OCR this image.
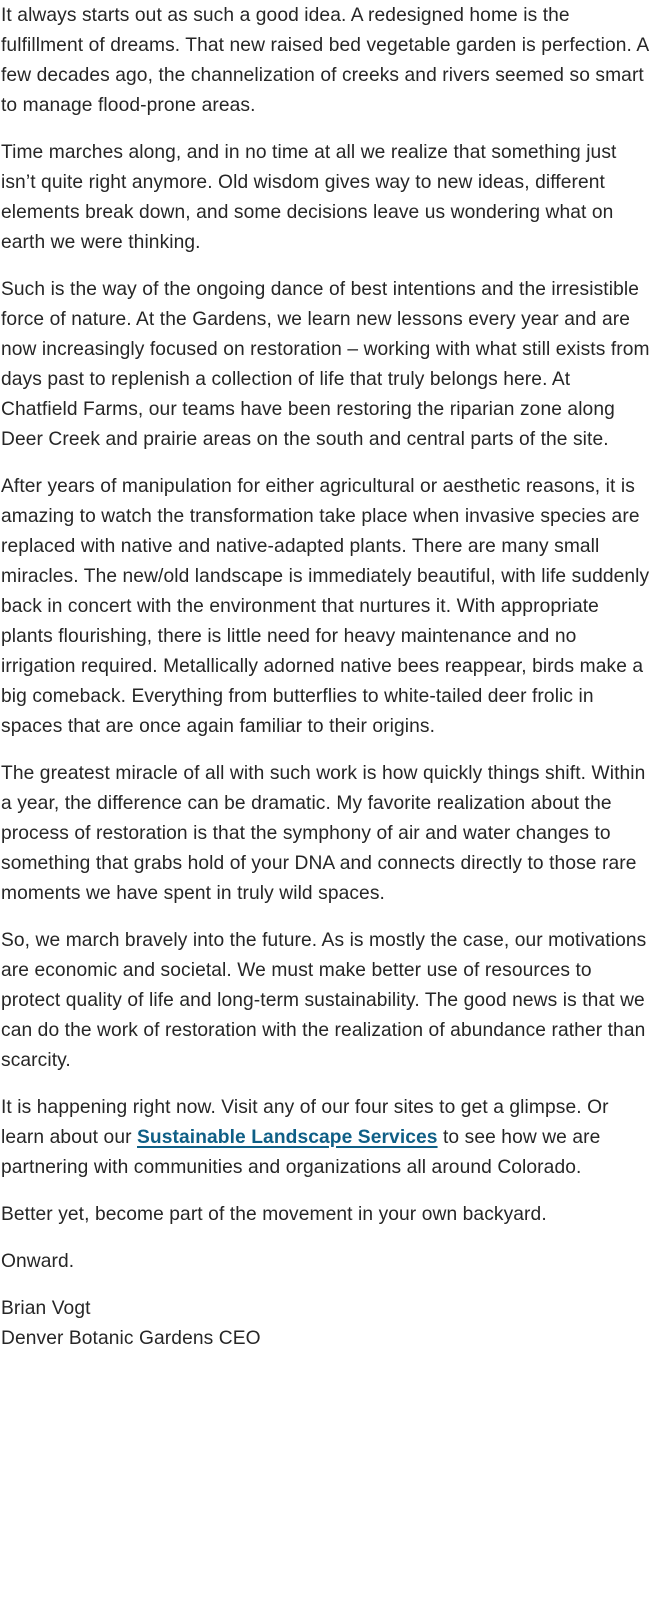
It always starts out as such a good idea. A redesigned home is the fulfillment of dreams. That new raised bed vegetable garden is perfection. A few decades ago, the channelization of creeks and rivers seemed so smart to manage flood-prone areas.

Time marches along, and in no time at all we realize that something just isn’t quite right anymore. Old wisdom gives way to new ideas, different elements break down, and some decisions leave us wondering what on earth we were thinking.

Such is the way of the ongoing dance of best intentions and the irresistible force of nature. At the Gardens, we learn new lessons every year and are now increasingly focused on restoration – working with what still exists from days past to replenish a collection of life that truly belongs here. At Chatfield Farms, our teams have been restoring the riparian zone along Deer Creek and prairie areas on the south and central parts of the site.

After years of manipulation for either agricultural or aesthetic reasons, it is amazing to watch the transformation take place when invasive species are replaced with native and native-adapted plants. There are many small miracles. The new/old landscape is immediately beautiful, with life suddenly back in concert with the environment that nurtures it. With appropriate plants flourishing, there is little need for heavy maintenance and no irrigation required. Metallically adorned native bees reappear, birds make a big comeback. Everything from butterflies to white-tailed deer frolic in spaces that are once again familiar to their origins.

The greatest miracle of all with such work is how quickly things shift. Within a year, the difference can be dramatic. My favorite realization about the process of restoration is that the symphony of air and water changes to something that grabs hold of your DNA and connects directly to those rare moments we have spent in truly wild spaces.

So, we march bravely into the future. As is mostly the case, our motivations are economic and societal. We must make better use of resources to protect quality of life and long-term sustainability. The good news is that we can do the work of restoration with the realization of abundance rather than scarcity.

It is happening right now. Visit any of our four sites to get a glimpse. Or learn about our Sustainable Landscape Services to see how we are partnering with communities and organizations all around Colorado.

Better yet, become part of the movement in your own backyard.

Onward.

Brian Vogt

Denver Botanic Gardens CEO
